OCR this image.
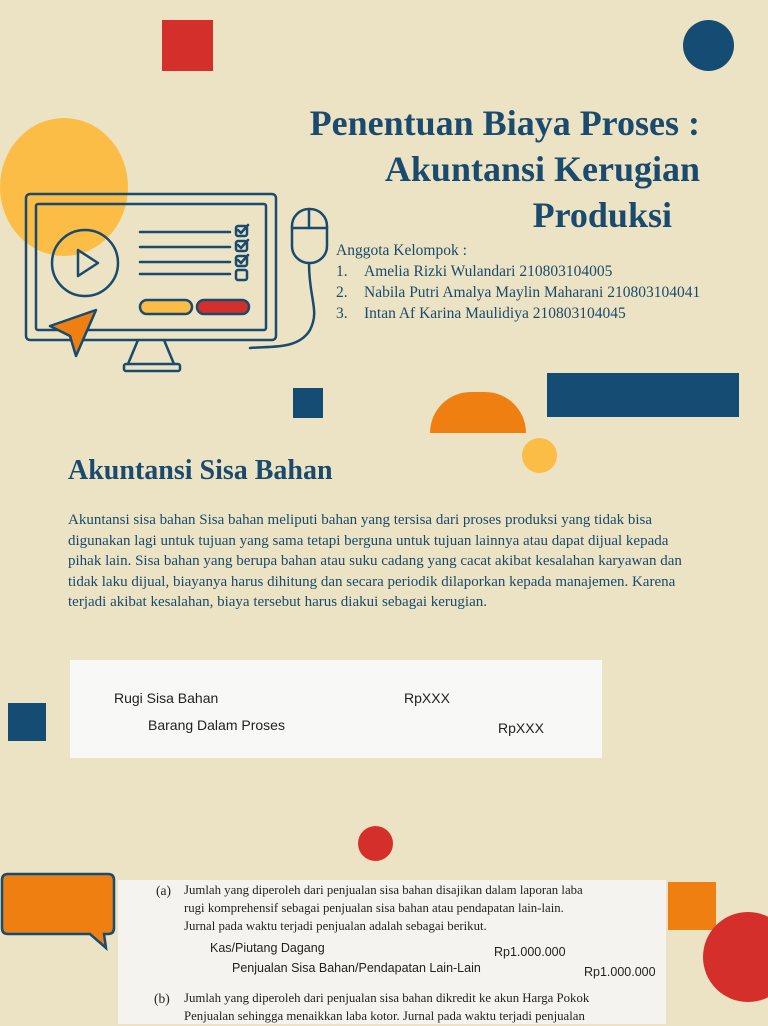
Penentuan Biaya Proses :
Akuntansi Kerugian
Produksi
Anggota Kelompok :
1.	Amelia Rizki Wulandari 210803104005
2.	Nabila Putri Amalya Maylin Maharani 210803104041
3.	Intan Af Karina Maulidiya 210803104045
Akuntansi Sisa Bahan
Akuntansi sisa bahan Sisa bahan meliputi bahan yang tersisa dari proses produksi yang tidak bisa digunakan lagi untuk tujuan yang sama tetapi berguna untuk tujuan lainnya atau dapat dijual kepada pihak lain. Sisa bahan yang berupa bahan atau suku cadang yang cacat akibat kesalahan karyawan dan tidak laku dijual, biayanya harus dihitung dan secara periodik dilaporkan kepada manajemen. Karena terjadi akibat kesalahan, biaya tersebut harus diakui sebagai kerugian.
Rugi Sisa Bahan	RpXXX
Barang Dalam Proses	RpXXX
(a) Jumlah yang diperoleh dari penjualan sisa bahan disajikan dalam laporan laba
rugi komprehensif sebagai penjualan sisa bahan atau pendapatan lain-lain.
Jurnal pada waktu terjadi penjualan adalah sebagai berikut.
Kas/Piutang Dagang	Rp1.000.000
Penjualan Sisa Bahan/Pendapatan Lain-Lain	Rp1.000.000
(b) Jumlah yang diperoleh dari penjualan sisa bahan dikredit ke akun Harga Pokok
Penjualan sehingga menaikkan laba kotor. Jurnal pada waktu terjadi penjualan
